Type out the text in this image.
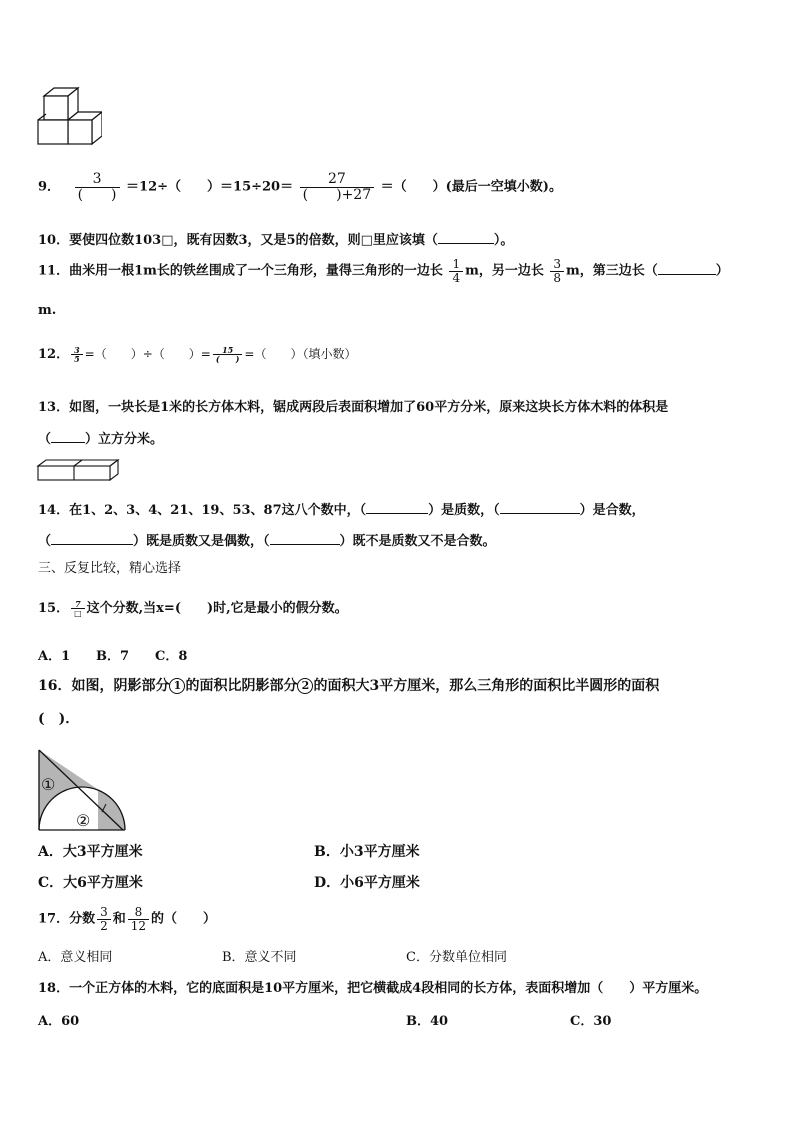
9． $\frac{3}{( )} =12\div$（　　）$=15\div 20= \frac{27}{( )+27}$ ＝（　　）(最后一空填小数)。
10．要使四位数103□，既有因数3，又是5的倍数，则□里应该填（	）。
11．曲米用一根1m长的铁丝围成了一个三角形，量得三角形的一边长 $\frac{1}{4}$ m，另一边长 $\frac{3}{8}$ m，第三边长（	）
m.
12． $\frac{3}{5}$ =（　　）÷（　　）= $\frac{15}{( )}$ =（　　）（填小数）
13．如图，一块长是1米的长方体木料，锯成两段后表面积增加了60平方分米，原来这块长方体木料的体积是
（	）立方分米。
14．在1、2、3、4、21、19、53、87这八个数中，（	）是质数，（	）是合数，
（	）既是质数又是偶数，（	）既不是质数又不是合数。
三、反复比较，精心选择
15． $\frac{7}{□}$ 这个分数,当x=(　　)时,它是最小的假分数。
A．1 B．7 C．8
16．如图，阴影部分 1 的面积比阴影部分 2 的面积大3平方厘米，那么三角形的面积比半圆形的面积
(　)．
①
②
A．大3平方厘米	B．小3平方厘米
C．大6平方厘米	D．小6平方厘米
17．分数 $\frac{3}{2}$ 和 $\frac{8}{12}$ 的（　　）
A．意义相同	B．意义不同	C．分数单位相同
18．一个正方体的木料，它的底面积是10平方厘米，把它横截成4段相同的长方体，表面积增加（　　）平方厘米。
A．60	B．40	C．30
